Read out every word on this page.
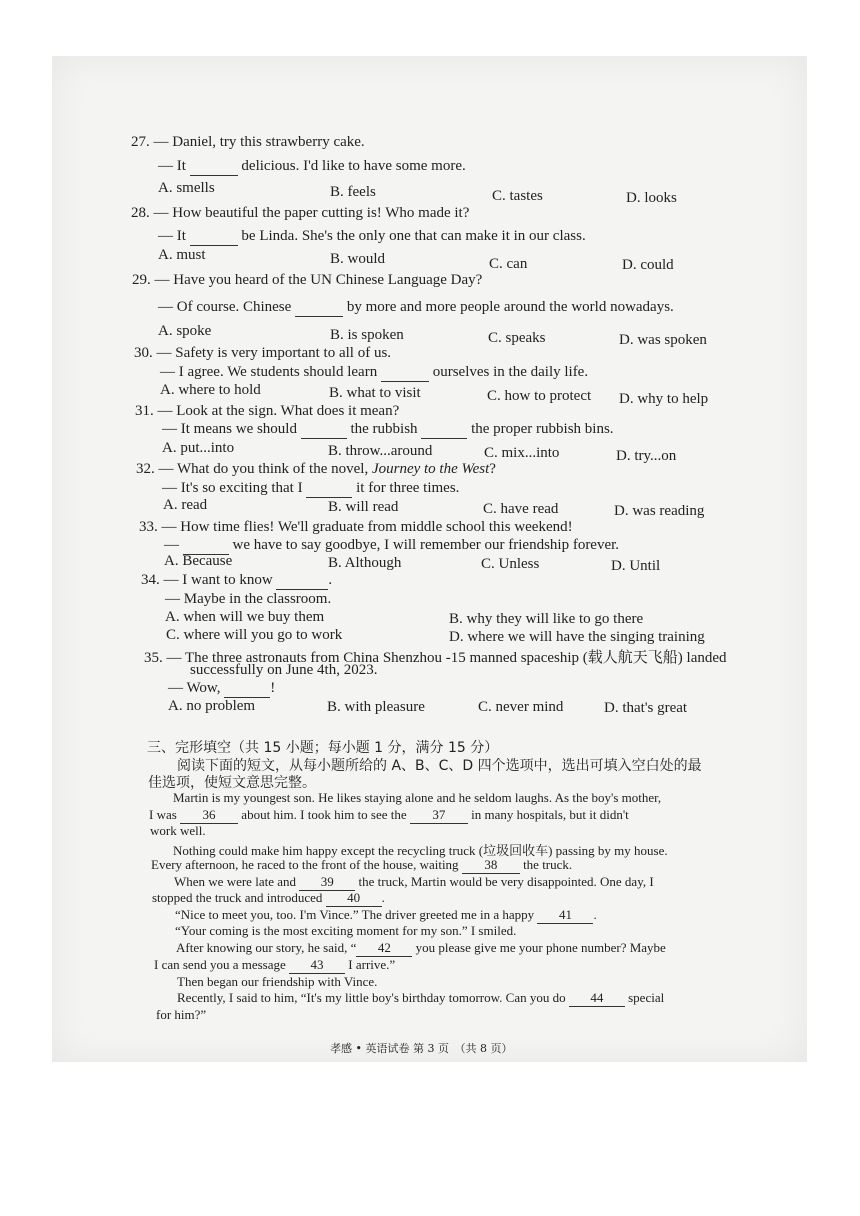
27. — Daniel, try this strawberry cake.
— It	delicious. I'd like to have some more.
A. smells	B. feels	C. tastes	D. looks
28. — How beautiful the paper cutting is! Who made it?
— It	be Linda. She's the only one that can make it in our class.
A. must	B. would	C. can	D. could
29. — Have you heard of the UN Chinese Language Day?
— Of course. Chinese	by more and more people around the world nowadays.
A. spoke	B. is spoken	C. speaks	D. was spoken
30. — Safety is very important to all of us.
— I agree. We students should learn	ourselves in the daily life.
A. where to hold	B. what to visit	C. how to protect D. why to help
31. — Look at the sign. What does it mean?
— It means we should	the rubbish	the proper rubbish bins.
A. put...into	B. throw...around	C. mix...into	D. try...on
32. — What do you think of the novel, Journey to the West?
— It's so exciting that I	it for three times.
A. read	B. will read	C. have read	D. was reading
33. — How time flies! We'll graduate from middle school this weekend!
—	we have to say goodbye, I will remember our friendship forever.
A. Because	B. Although	C. Unless	D. Until
34. — I want to know	.
— Maybe in the classroom.
A. when will we buy them	B. why they will like to go there
C. where will you go to work	D. where we will have the singing training
35. — The three astronauts from China Shenzhou -15 manned spaceship (载人航天飞船) landed
successfully on June 4th, 2023.
— Wow,	!
A. no problem	B. with pleasure	C. never mind	D. that's great
三、完形填空（共 15 小题；每小题 1 分，满分 15 分）
阅读下面的短文，从每小题所给的 A、B、C、D 四个选项中，选出可填入空白处的最
佳选项，使短文意思完整。
Martin is my youngest son. He likes staying alone and he seldom laughs. As the boy's mother,
I was 36 about him. I took him to see the 37 in many hospitals, but it didn't
work well.
Nothing could make him happy except the recycling truck (垃圾回收车) passing by my house.
Every afternoon, he raced to the front of the house, waiting 38 the truck.
When we were late and 39 the truck, Martin would be very disappointed. One day, I
stopped the truck and introduced 40 .
“Nice to meet you, too. I'm Vince.” The driver greeted me in a happy 41 .
“Your coming is the most exciting moment for my son.” I smiled.
After knowing our story, he said, “ 42 you please give me your phone number? Maybe
I can send you a message 43 I arrive.”
Then began our friendship with Vince.
Recently, I said to him, “It's my little boy's birthday tomorrow. Can you do 44 special
for him?”
孝感 • 英语试卷 第 3 页　（共 8 页）
